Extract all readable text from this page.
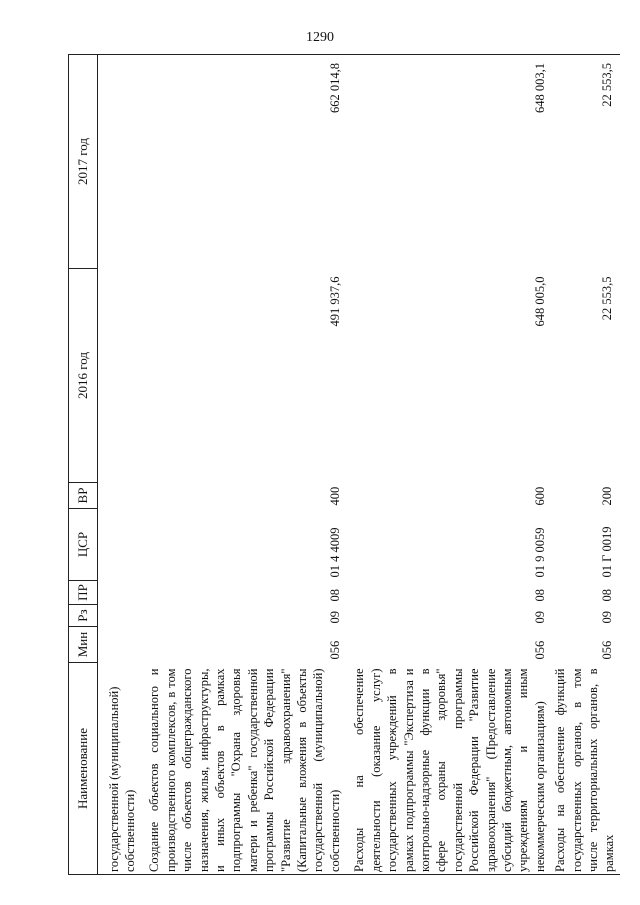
1290
Наименование	Мин	Рз	ПР	ЦСР	ВР	2016 год	2017 год
государственной (муниципальной) собственности)							
Создание объектов социального и производственного комплексов, в том числе объектов общегражданского назначения, жилья, инфраструктуры, и иных объектов в рамках подпрограммы "Охрана здоровья матери и ребенка" государственной программы Российской Федерации "Развитие здравоохранения" (Капитальные вложения в объекты государственной (муниципальной) собственности)	056	09	08	01 4 4009	400	491 937,6	662 014,8
Расходы на обеспечение деятельности (оказание услуг) государственных учреждений в рамках подпрограммы "Экспертиза и контрольно-надзорные функции в сфере охраны здоровья" государственной программы Российской Федерации "Развитие здравоохранения" (Предоставление субсидий бюджетным, автономным учреждениям и иным некоммерческим организациям)	056	09	08	01 9 0059	600	648 005,0	648 003,1
Расходы на обеспечение функций государственных органов, в том числе территориальных органов, в рамках	056	09	08	01 Г 0019	200	22 553,5	22 553,5
